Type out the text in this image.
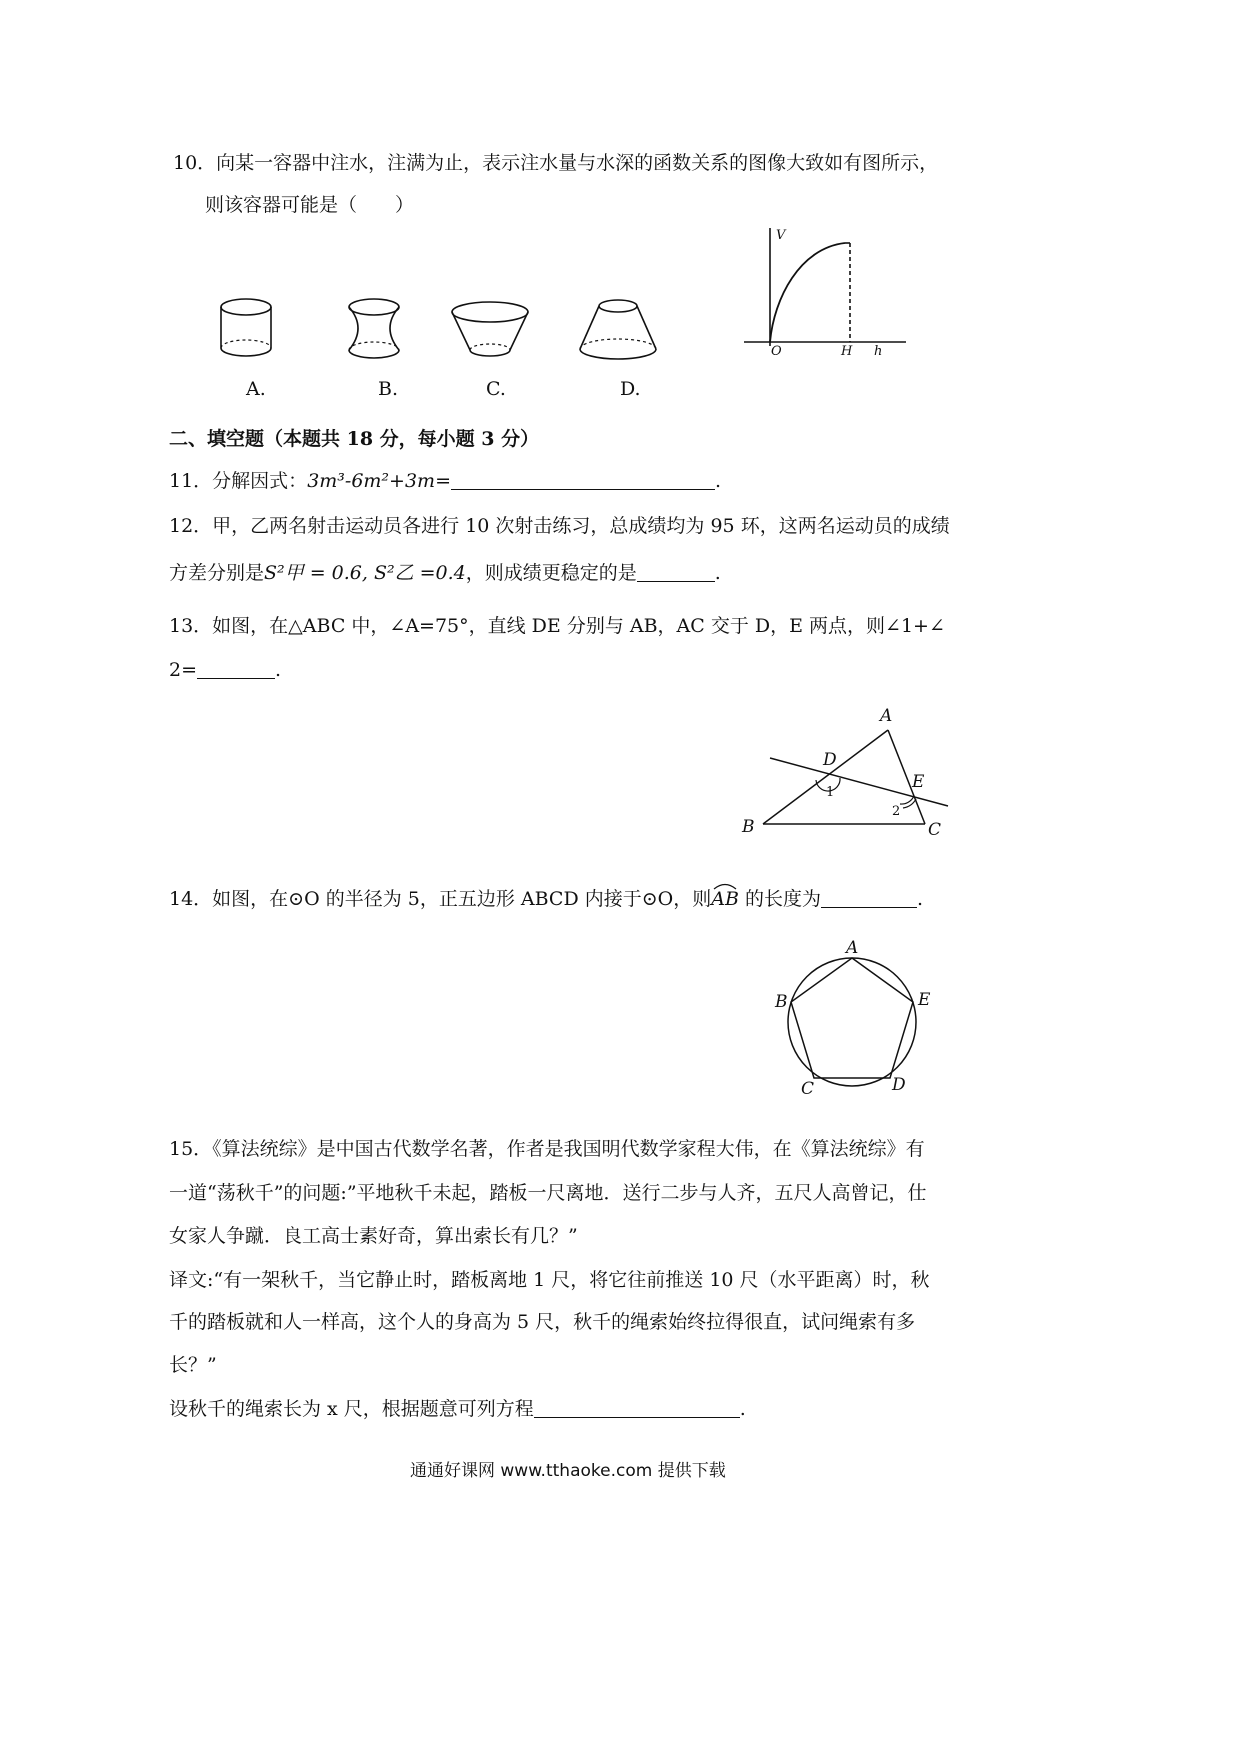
10．向某一容器中注水，注满为止，表示注水量与水深的函数关系的图像大致如有图所示，
则该容器可能是（　　）
A.	B.	C.	D.
V
O	H h
二、填空题（本题共 18 分，每小题 3 分）
11．分解因式：3m³-6m²+3m=	.
12．甲，乙两名射击运动员各进行 10 次射击练习，总成绩均为 95 环，这两名运动员的成绩
方差分别是S²甲 = 0.6, S²乙 =0.4，则成绩更稳定的是	.
13．如图，在△ABC 中，∠A=75°，直线 DE 分别与 AB，AC 交于 D，E 两点，则∠1+∠
2=	.
A
B	C
D
E
1
2
14．如图，在⊙O 的半径为 5，正五边形 ABCD 内接于⊙O，则AB
的长度为	.
A
B	E
C	D
15．《算法统综》是中国古代数学名著，作者是我国明代数学家程大伟，在《算法统综》有
一道“荡秋千”的问题:”平地秋千未起，踏板一尺离地．送行二步与人齐，五尺人高曾记，仕
女家人争蹴．良工高士素好奇，算出索长有几？”
译文:“有一架秋千，当它静止时，踏板离地 1 尺，将它往前推送 10 尺（水平距离）时，秋
千的踏板就和人一样高，这个人的身高为 5 尺，秋千的绳索始终拉得很直，试问绳索有多
长？”
设秋千的绳索长为 x 尺，根据题意可列方程	.
通通好课网 www.tthaoke.com 提供下载
